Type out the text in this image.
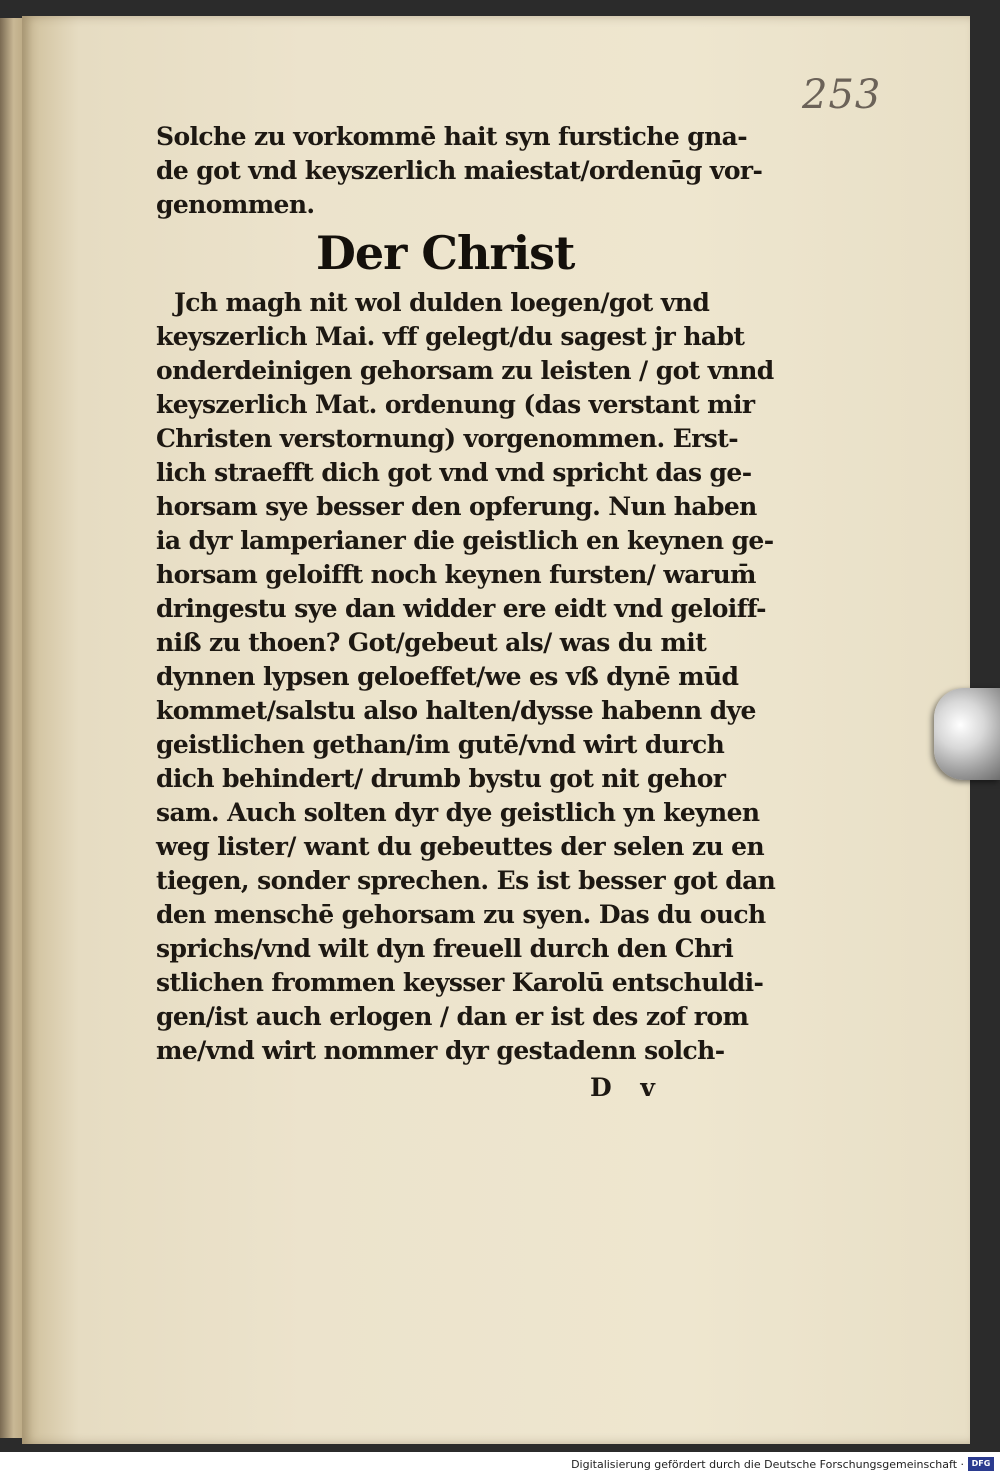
253

Solche zu vorkommē hait syn furstiche gna-

de got vnd keyszerlich maiestat/ordenūg vor-

genommen.

Der Christ

Jch magh nit wol dulden loegen/got vnd

keyszerlich Mai. vff gelegt/du sagest jr habt

onderdeinigen gehorsam zu leisten / got vnnd

keyszerlich Mat. ordenung (das verstant mir

Christen verstornung) vorgenommen. Erst-

lich straefft dich got vnd vnd spricht das ge-

horsam sye besser den opferung. Nun haben

ia dyr lamperianer die geistlich en keynen ge-

horsam geloifft noch keynen fursten/ warum̄

dringestu sye dan widder ere eidt vnd geloiff-

niß zu thoen? Got/gebeut als/ was du mit

dynnen lypsen geloeffet/we es vß dynē mūd

kommet/salstu also halten/dysse habenn dye

geistlichen gethan/im gutē/vnd wirt durch

dich behindert/ drumb bystu got nit gehor

sam. Auch solten dyr dye geistlich yn keynen

weg lister/ want du gebeuttes der selen zu en

tiegen, sonder sprechen. Es ist besser got dan

den menschē gehorsam zu syen. Das du ouch

sprichs/vnd wilt dyn freuell durch den Chri

stlichen frommen keysser Karolū entschuldi-

gen/ist auch erlogen / dan er ist des zof rom

me/vnd wirt nommer dyr gestadenn solch-

D v

Digitalisierung gefördert durch die Deutsche Forschungsgemeinschaft · DFG
